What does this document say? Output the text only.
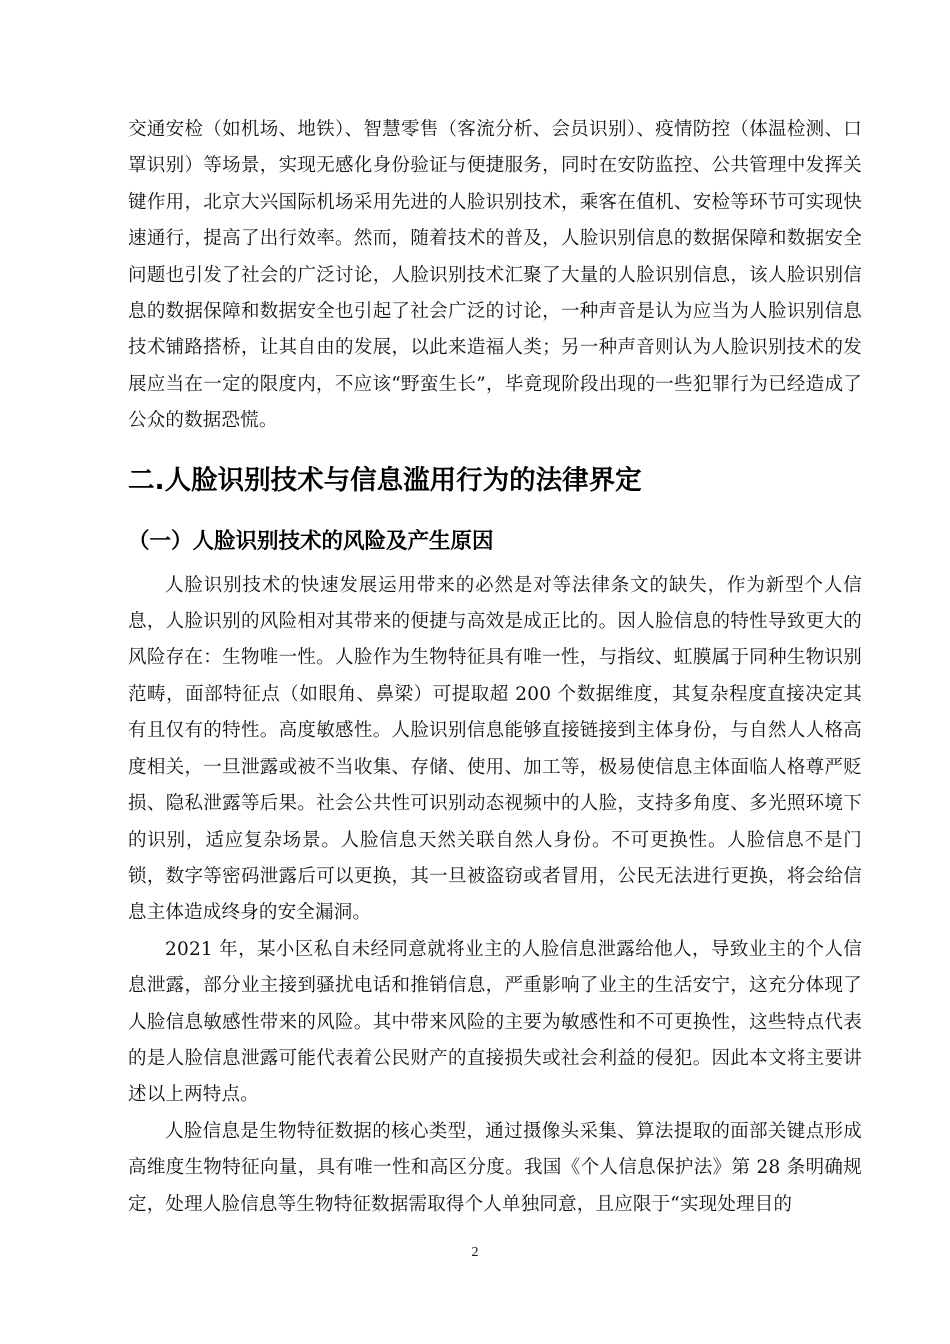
交通安检（如机场、地铁）、智慧零售（客流分析、会员识别）、疫情防控（体温检测、口罩识别）等场景，实现无感化身份验证与便捷服务，同时在安防监控、公共管理中发挥关键作用，北京大兴国际机场采用先进的人脸识别技术，乘客在值机、安检等环节可实现快速通行，提高了出行效率。然而，随着技术的普及，人脸识别信息的数据保障和数据安全问题也引发了社会的广泛讨论，人脸识别技术汇聚了大量的人脸识别信息，该人脸识别信息的数据保障和数据安全也引起了社会广泛的讨论，一种声音是认为应当为人脸识别信息技术铺路搭桥，让其自由的发展，以此来造福人类；另一种声音则认为人脸识别技术的发展应当在一定的限度内，不应该“野蛮生长”，毕竟现阶段出现的一些犯罪行为已经造成了公众的数据恐慌。

二.人脸识别技术与信息滥用行为的法律界定
（一）人脸识别技术的风险及产生原因

人脸识别技术的快速发展运用带来的必然是对等法律条文的缺失，作为新型个人信息，人脸识别的风险相对其带来的便捷与高效是成正比的。因人脸信息的特性导致更大的风险存在：生物唯一性。人脸作为生物特征具有唯一性，与指纹、虹膜属于同种生物识别范畴，面部特征点（如眼角、鼻梁）可提取超 200 个数据维度，其复杂程度直接决定其有且仅有的特性。高度敏感性。人脸识别信息能够直接链接到主体身份，与自然人人格高度相关，一旦泄露或被不当收集、存储、使用、加工等，极易使信息主体面临人格尊严贬损、隐私泄露等后果。社会公共性可识别动态视频中的人脸，支持多角度、多光照环境下的识别，适应复杂场景。人脸信息天然关联自然人身份。不可更换性。人脸信息不是门锁，数字等密码泄露后可以更换，其一旦被盗窃或者冒用，公民无法进行更换，将会给信息主体造成终身的安全漏洞。

2021 年，某小区私自未经同意就将业主的人脸信息泄露给他人，导致业主的个人信息泄露，部分业主接到骚扰电话和推销信息，严重影响了业主的生活安宁，这充分体现了人脸信息敏感性带来的风险。其中带来风险的主要为敏感性和不可更换性，这些特点代表的是人脸信息泄露可能代表着公民财产的直接损失或社会利益的侵犯。因此本文将主要讲述以上两特点。

人脸信息是生物特征数据的核心类型，通过摄像头采集、算法提取的面部关键点形成高维度生物特征向量，具有唯一性和高区分度。我国《个人信息保护法》第 28 条明确规定，处理人脸信息等生物特征数据需取得个人单独同意，且应限于“实现处理目的

2
